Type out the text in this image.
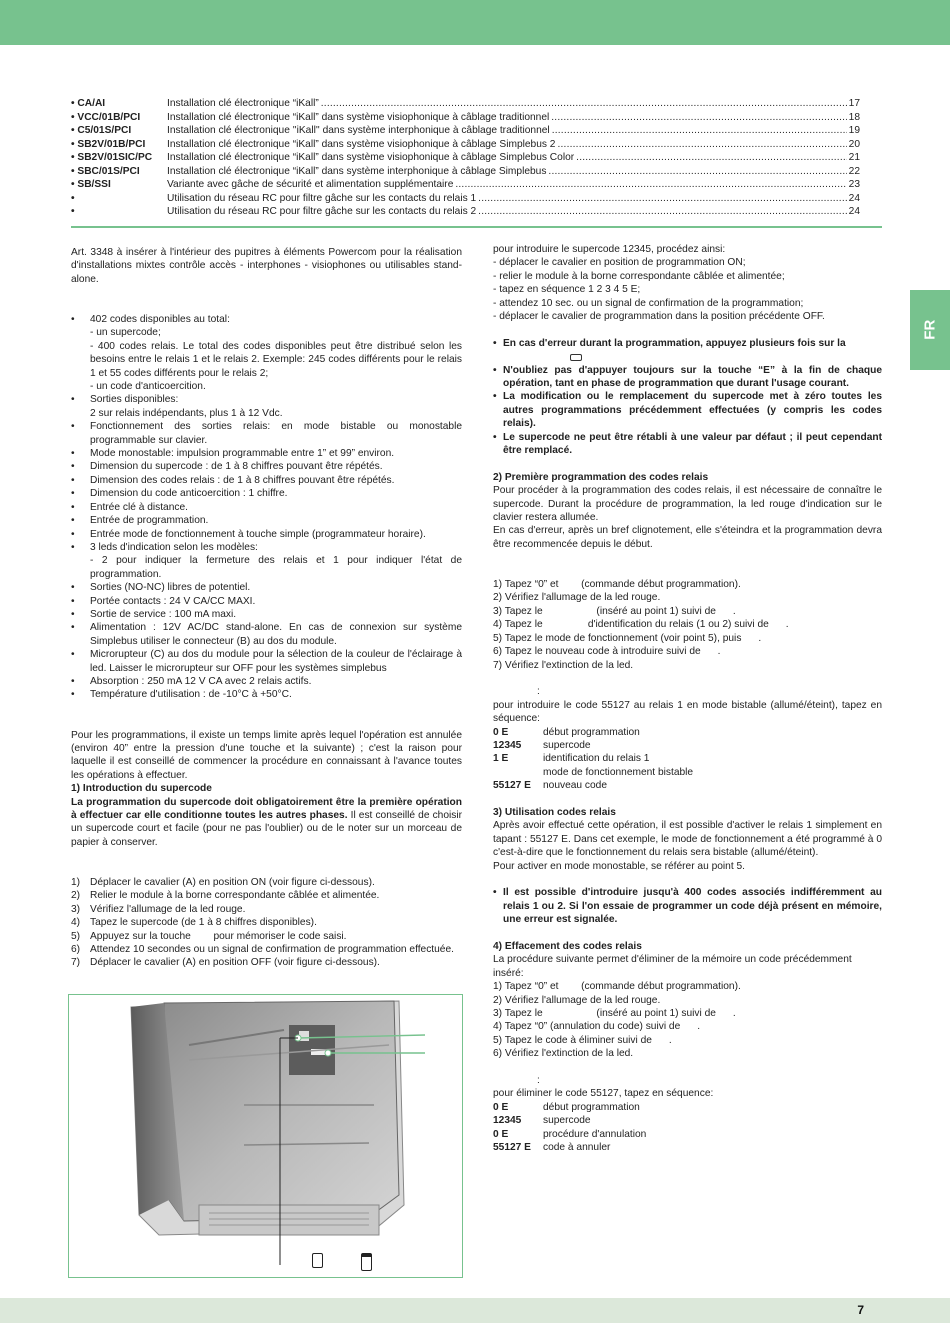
FR
• CA/AI	Installation clé électronique “iKall” .....	17
• VCC/01B/PCI	Installation clé électronique “iKall” dans système visiophonique à câblage traditionnel .....	18
• C5/01S/PCI	Installation clé électronique ''iKall'' dans système interphonique à câblage traditionnel .....	19
• SB2V/01B/PCI	Installation clé électronique “iKall” dans système visiophonique à câblage Simplebus 2 .....	20
• SB2V/01SIC/PC	Installation clé électronique “iKall” dans système visiophonique à câblage Simplebus Color .....	21
• SBC/01S/PCI	Installation clé électronique “iKall” dans système interphonique à câblage Simplebus .....	22
• SB/SSI	Variante avec gâche de sécurité et alimentation supplémentaire .....	23
•	Utilisation du réseau RC pour filtre gâche sur les contacts du relais 1 .....	24
•	Utilisation du réseau RC pour filtre gâche sur les contacts du relais 2 .....	24

Art. 3348 à insérer à l'intérieur des pupitres à éléments Powercom pour la réalisation d'installations mixtes contrôle accès - interphones - visiophones ou utilisables stand-alone.

•	402 codes disponibles au total:
- un supercode;
- 400 codes relais. Le total des codes disponibles peut être distribué selon les besoins entre le relais 1 et le relais 2. Exemple: 245 codes différents pour le relais 1 et 55 codes différents pour le relais 2;
- un code d'anticoercition.
•	Sorties disponibles:
2 sur relais indépendants, plus 1 à 12 Vdc.
•	Fonctionnement des sorties relais: en mode bistable ou monostable programmable sur clavier.
•	Mode monostable: impulsion programmable entre 1” et 99” environ.
•	Dimension du supercode : de 1 à 8 chiffres pouvant être répétés.
•	Dimension des codes relais : de 1 à 8 chiffres pouvant être répétés.
•	Dimension du code anticoercition : 1 chiffre.
•	Entrée clé à distance.
•	Entrée de programmation.
•	Entrée mode de fonctionnement à touche simple (programmateur horaire).
•	3 leds d'indication selon les modèles:
- 2 pour indiquer la fermeture des relais et 1 pour indiquer l'état de programmation.
•	Sorties (NO-NC) libres de potentiel.
•	Portée contacts : 24 V CA/CC MAXI.
•	Sortie de service : 100 mA maxi.
•	Alimentation : 12V AC/DC stand-alone. En cas de connexion sur système Simplebus utiliser le connecteur (B) au dos du module.
•	Microrupteur (C) au dos du module pour la sélection de la couleur de l'éclairage à led. Laisser le microrupteur sur OFF pour les systèmes simplebus
•	Absorption : 250 mA 12 V CA avec 2 relais actifs.
•	Température d'utilisation : de -10°C à +50°C.

Pour les programmations, il existe un temps limite après lequel l'opération est annulée (environ 40” entre la pression d'une touche et la suivante) ; c'est la raison pour laquelle il est conseillé de commencer la procédure en connaissant à l'avance toutes les opérations à effectuer.

1) Introduction du supercode

La programmation du supercode doit obligatoirement être la première opération à effectuer car elle conditionne toutes les autres phases. Il est conseillé de choisir un supercode court et facile (pour ne pas l'oublier) ou de le noter sur un morceau de papier à conserver.

1) Déplacer le cavalier (A) en position ON (voir figure ci-dessous).
2) Relier le module à la borne correspondante câblée et alimentée.
3) Vérifiez l'allumage de la led rouge.
4) Tapez le supercode (de 1 à 8 chiffres disponibles).
5) Appuyez sur la touche        pour mémoriser le code saisi.
6) Attendez 10 secondes ou un signal de confirmation de programmation effectuée.
7) Déplacer le cavalier (A) en position OFF (voir figure ci-dessous).

pour introduire le supercode 12345, procédez ainsi:

- déplacer le cavalier en position de programmation ON;

- relier le module à la borne correspondante câblée et alimentée;

- tapez en séquence 1 2 3 4 5 E;

- attendez 10 sec. ou un signal de confirmation de la programmation;

- déplacer le cavalier de programmation dans la position précédente OFF.

• En cas d'erreur durant la programmation, appuyez plusieurs fois sur la
• N'oubliez pas d'appuyer toujours sur la touche “E” à la fin de chaque opération, tant en phase de programmation que durant l'usage courant.
• La modification ou le remplacement du supercode met à zéro toutes les autres programmations précédemment effectuées (y compris les codes relais).
• Le supercode ne peut être rétabli à une valeur par défaut ; il peut cependant être remplacé.

2) Première programmation des codes relais

Pour procéder à la programmation des codes relais, il est nécessaire de connaître le supercode. Durant la procédure de programmation, la led rouge d'indication sur le clavier restera allumée.

En cas d'erreur, après un bref clignotement, elle s'éteindra et la programmation devra être recommencée depuis le début.

1) Tapez “0” et        (commande début programmation).

2) Vérifiez l'allumage de la led rouge.

3) Tapez le                   (inséré au point 1) suivi de      .

4) Tapez le                d'identification du relais (1 ou 2) suivi de      .

5) Tapez le mode de fonctionnement (voir point 5), puis      .

6) Tapez le nouveau code à introduire suivi de      .

7) Vérifiez l'extinction de la led.

:

pour introduire le code 55127 au relais 1 en mode bistable (allumé/éteint), tapez en séquence:

0 E	début programmation
12345	supercode
1 E	identification du relais 1
mode de fonctionnement bistable
55127 E	nouveau code

3) Utilisation codes relais

Après avoir effectué cette opération, il est possible d'activer le relais 1 simplement en tapant : 55127 E. Dans cet exemple, le mode de fonctionnement a été programmé à 0 c'est-à-dire que le fonctionnement du relais sera bistable (allumé/éteint).

Pour activer en mode monostable, se référer au point 5.

• Il est possible d'introduire jusqu'à 400 codes associés indifféremment au relais 1 ou 2. Si l'on essaie de programmer un code déjà présent en mémoire, une erreur est signalée.

4) Effacement des codes relais

La procédure suivante permet d'éliminer de la mémoire un code précédemment inséré:

1) Tapez “0” et        (commande début programmation).

2) Vérifiez l'allumage de la led rouge.

3) Tapez le                   (inséré au point 1) suivi de      .

4) Tapez “0” (annulation du code) suivi de      .

5) Tapez le code à éliminer suivi de      .

6) Vérifiez l'extinction de la led.

:

pour éliminer le code 55127, tapez en séquence:

0 E	début programmation
12345	supercode
0 E	procédure d'annulation
55127 E	code à annuler
7
